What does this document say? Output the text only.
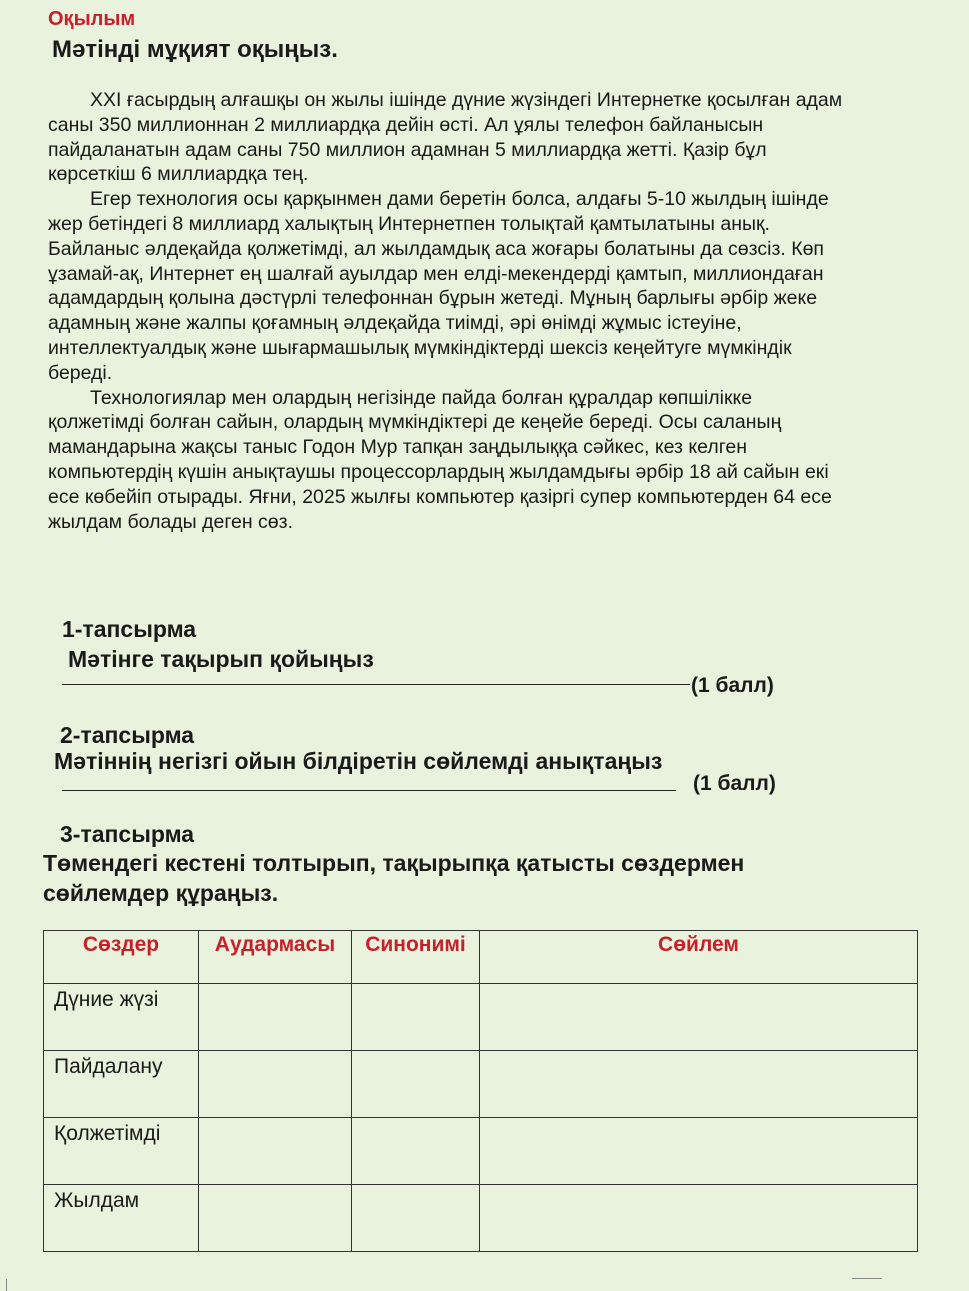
Оқылым
Мәтінді мұқият оқыңыз.

XXI ғасырдың алғашқы он жылы ішінде дүние жүзіндегі Интернетке қосылған адам саны 350 миллионнан 2 миллиардқа дейін өсті. Ал ұялы телефон байланысын пайдаланатын адам саны 750 миллион адамнан 5 миллиардқа жетті. Қазір бұл көрсеткіш 6 миллиардқа тең.

Егер технология осы қарқынмен дами беретін болса, алдағы 5-10 жылдың ішінде жер бетіндегі 8 миллиард халықтың Интернетпен толықтай қамтылатыны анық. Байланыс әлдеқайда қолжетімді, ал жылдамдық аса жоғары болатыны да сөзсіз. Көп ұзамай-ақ, Интернет ең шалғай ауылдар мен елді-мекендерді қамтып, миллиондаған адамдардың қолына дәстүрлі телефоннан бұрын жетеді. Мұның барлығы әрбір жеке адамның және жалпы қоғамның әлдеқайда тиімді, әрі өнімді жұмыс істеуіне, интеллектуалдық және шығармашылық мүмкіндіктерді шексіз кеңейтуге мүмкіндік береді.

Технологиялар мен олардың негізінде пайда болған құралдар көпшілікке қолжетімді болған сайын, олардың мүмкіндіктері де кеңейе береді. Осы саланың мамандарына жақсы таныс Годон Мур тапқан заңдылыққа сәйкес, кез келген компьютердің күшін анықтаушы процессорлардың жылдамдығы әрбір 18 ай сайын екі есе көбейіп отырады. Яғни, 2025 жылғы компьютер қазіргі супер компьютерден 64 есе жылдам болады деген сөз.

1-тапсырма
Мәтінге тақырып қойыңыз
(1 балл)
2-тапсырма
Мәтіннің негізгі ойын білдіретін сөйлемді анықтаңыз
(1 балл)
3-тапсырма
Төмендегі кестені толтырып, тақырыпқа қатысты сөздермен
сөйлемдер құраңыз.
Сөздер	Аудармасы	Синонимі	Сөйлем
Дүние жүзі			
Пайдалану			
Қолжетімді			
Жылдам			
